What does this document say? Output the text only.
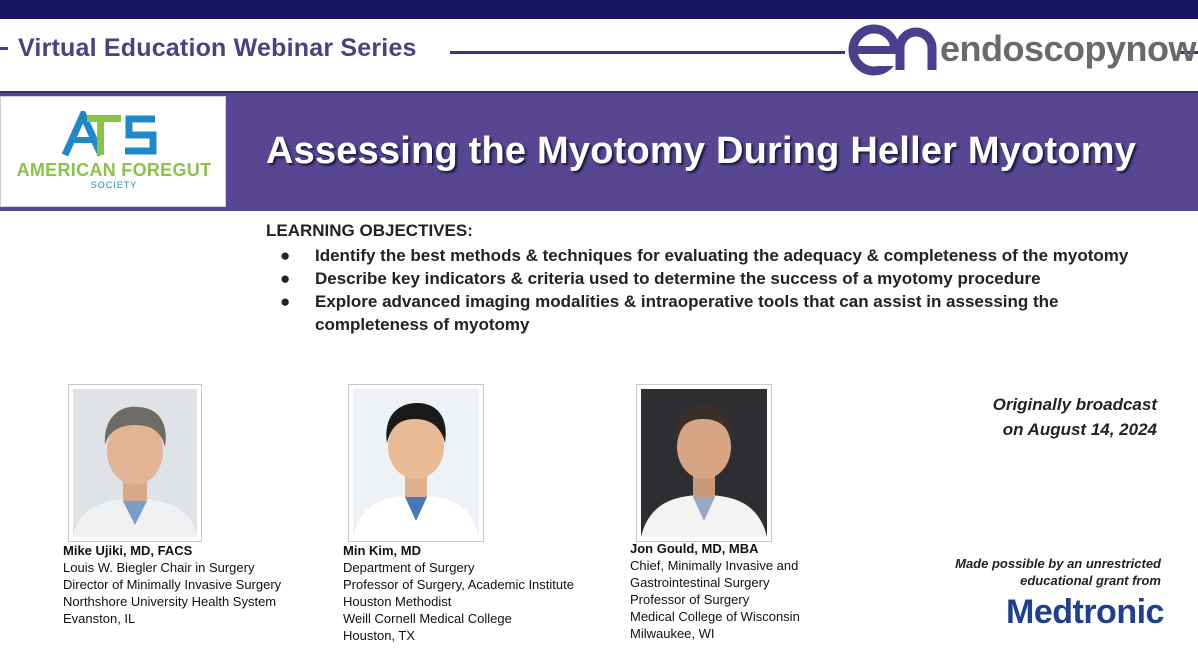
Virtual Education Webinar Series	endoscopynow
AMERICAN FOREGUT
SOCIETY
Assessing the Myotomy During Heller Myotomy
LEARNING OBJECTIVES:
● Identify the best methods & techniques for evaluating the adequacy & completeness of the myotomy
● Describe key indicators & criteria used to determine the success of a myotomy procedure
● Explore advanced imaging modalities & intraoperative tools that can assist in assessing the completeness of myotomy
Mike Ujiki, MD, FACS
Louis W. Biegler Chair in Surgery
Director of Minimally Invasive Surgery
Northshore University Health System
Evanston, IL
Min Kim, MD
Department of Surgery
Professor of Surgery, Academic Institute
Houston Methodist
Weill Cornell Medical College
Houston, TX
Jon Gould, MD, MBA
Chief, Minimally Invasive and
Gastrointestinal Surgery
Professor of Surgery
Medical College of Wisconsin
Milwaukee, WI
Originally broadcast
on August 14, 2024
Made possible by an unrestricted
educational grant from
Medtronic
